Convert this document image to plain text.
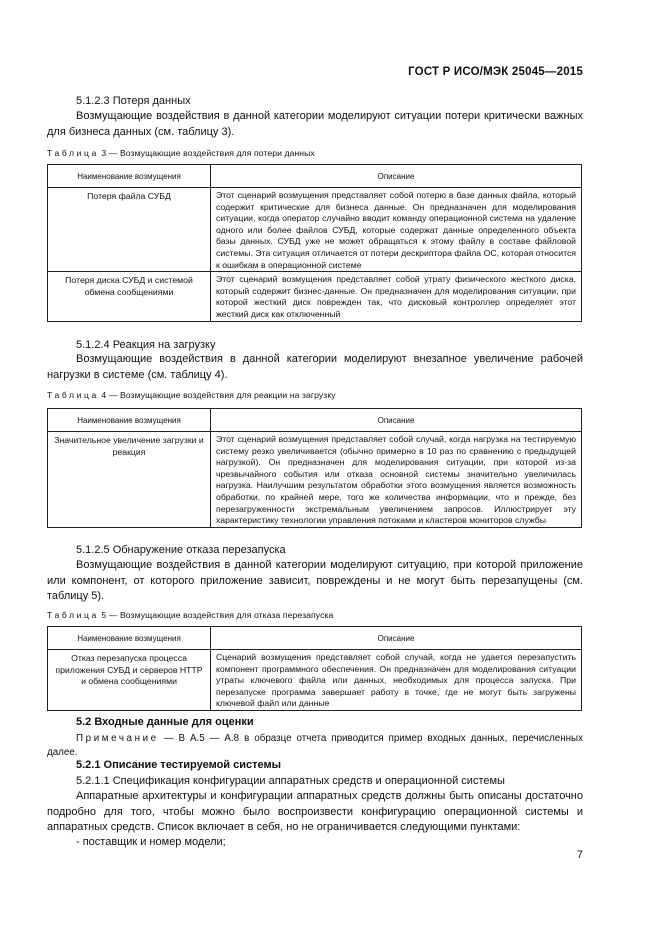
ГОСТ Р ИСО/МЭК 25045—2015
5.1.2.3 Потеря данных
Возмущающие воздействия в данной категории моделируют ситуации потери критически важных для бизнеса данных (см. таблицу 3).
Таблица 3 — Возмущающие воздействия для потери данных
Наименование возмущения	Описание
Потеря файла СУБД	Этот сценарий возмущения представляет собой потерю в базе данных файла, который содержит критические для бизнеса данные. Он предназначен для моделирования ситуации, когда оператор случайно вводит команду операционной система на удаление одного или более файлов СУБД, которые содержат данные определенного объекта базы данных. СУБД уже не может обращаться к этому файлу в составе файловой системы. Эта ситуация отличается от потери дескриптора файла ОС, которая относится к ошибкам в операционной системе
Потеря диска СУБД и системой обмена сообщениями	Этот сценарий возмущения представляет собой утрату физического жесткого диска, который содержит бизнес-данные. Он предназначен для моделирования ситуации, при которой жесткий диск поврежден так, что дисковый контроллер определяет этот жесткий диск как отключенный
5.1.2.4 Реакция на загрузку
Возмущающие воздействия в данной категории моделируют внезапное увеличение рабочей нагрузки в системе (см. таблицу 4).
Таблица 4 — Возмущающие воздействия для реакции на загрузку
Наименование возмущения	Описание
Значительное увеличение загрузки и реакция	Этот сценарий возмущения представляет собой случай, когда нагрузка на тестируемую систему резко увеличивается (обычно примерно в 10 раз по сравнению с предыдущей нагрузкой). Он предназначен для моделирования ситуации, при которой из-за чрезвычайного события или отказа основной системы значительно увеличилась нагрузка. Наилучшим результатом обработки этого возмущения является возможность обработки, по крайней мере, того же количества информации, что и прежде, без перезагруженности экстремальным увеличением запросов. Иллюстрирует эту характеристику технологии управления потоками и кластеров мониторов службы
5.1.2.5 Обнаружение отказа перезапуска
Возмущающие воздействия в данной категории моделируют ситуацию, при которой приложение или компонент, от которого приложение зависит, повреждены и не могут быть перезапущены (см. таблицу 5).
Таблица 5 — Возмущающие воздействия для отказа перезапуска
Наименование возмущения	Описание
Отказ перезапуска процесса приложения СУБД и серверов HTTP и обмена сообщениями	Сценарий возмущения представляет собой случай, когда не удается перезапустить компонент программного обеспечения. Он предназначен для моделирования ситуации утраты ключевого файла или данных, необходимых для процесса запуска. При перезапуске программа завершает работу в точке, где не могут быть загружены ключевой файл или данные
5.2 Входные данные для оценки
Примечание — В А.5 — А.8 в образце отчета приводится пример входных данных, перечисленных далее.
5.2.1 Описание тестируемой системы
5.2.1.1 Спецификация конфигурации аппаратных средств и операционной системы
Аппаратные архитектуры и конфигурации аппаратных средств должны быть описаны достаточно подробно для того, чтобы можно было воспроизвести конфигурацию операционной системы и аппаратных средств. Список включает в себя, но не ограничивается следующими пунктами:
- поставщик и номер модели;
7
